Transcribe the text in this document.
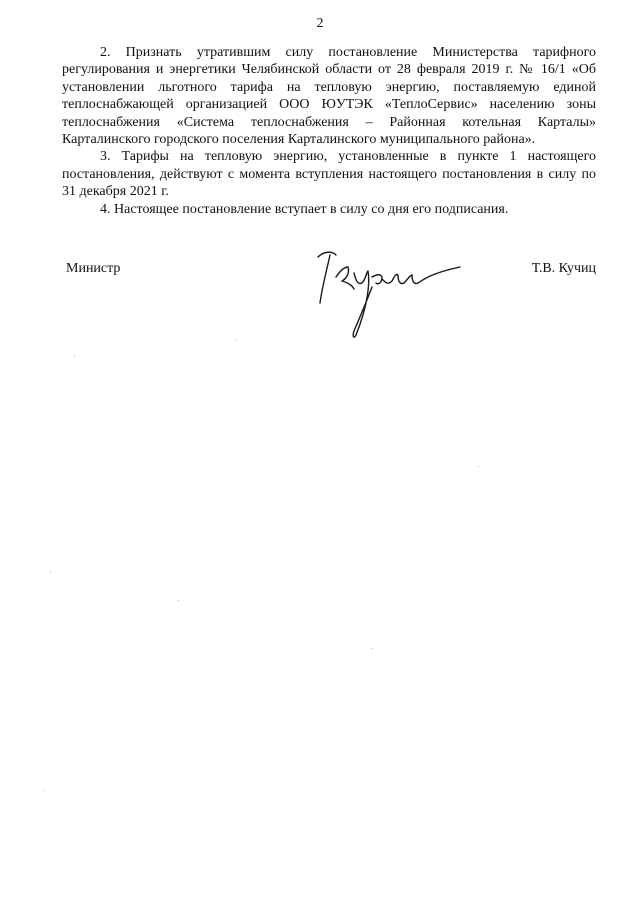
2

2. Признать утратившим силу постановление Министерства тарифного регулирования и энергетики Челябинской области от 28 февраля 2019 г. № 16/1 «Об установлении льготного тарифа на тепловую энергию, поставляемую единой теплоснабжающей организацией ООО ЮУТЭК «ТеплоСервис» населению зоны теплоснабжения «Система теплоснабжения – Районная котельная Карталы» Карталинского городского поселения Карталинского муниципального района».

3. Тарифы на тепловую энергию, установленные в пункте 1 настоящего постановления, действуют с момента вступления настоящего постановления в силу по 31 декабря 2021 г.

4. Настоящее постановление вступает в силу со дня его подписания.

Министр	Т.В. Кучиц
